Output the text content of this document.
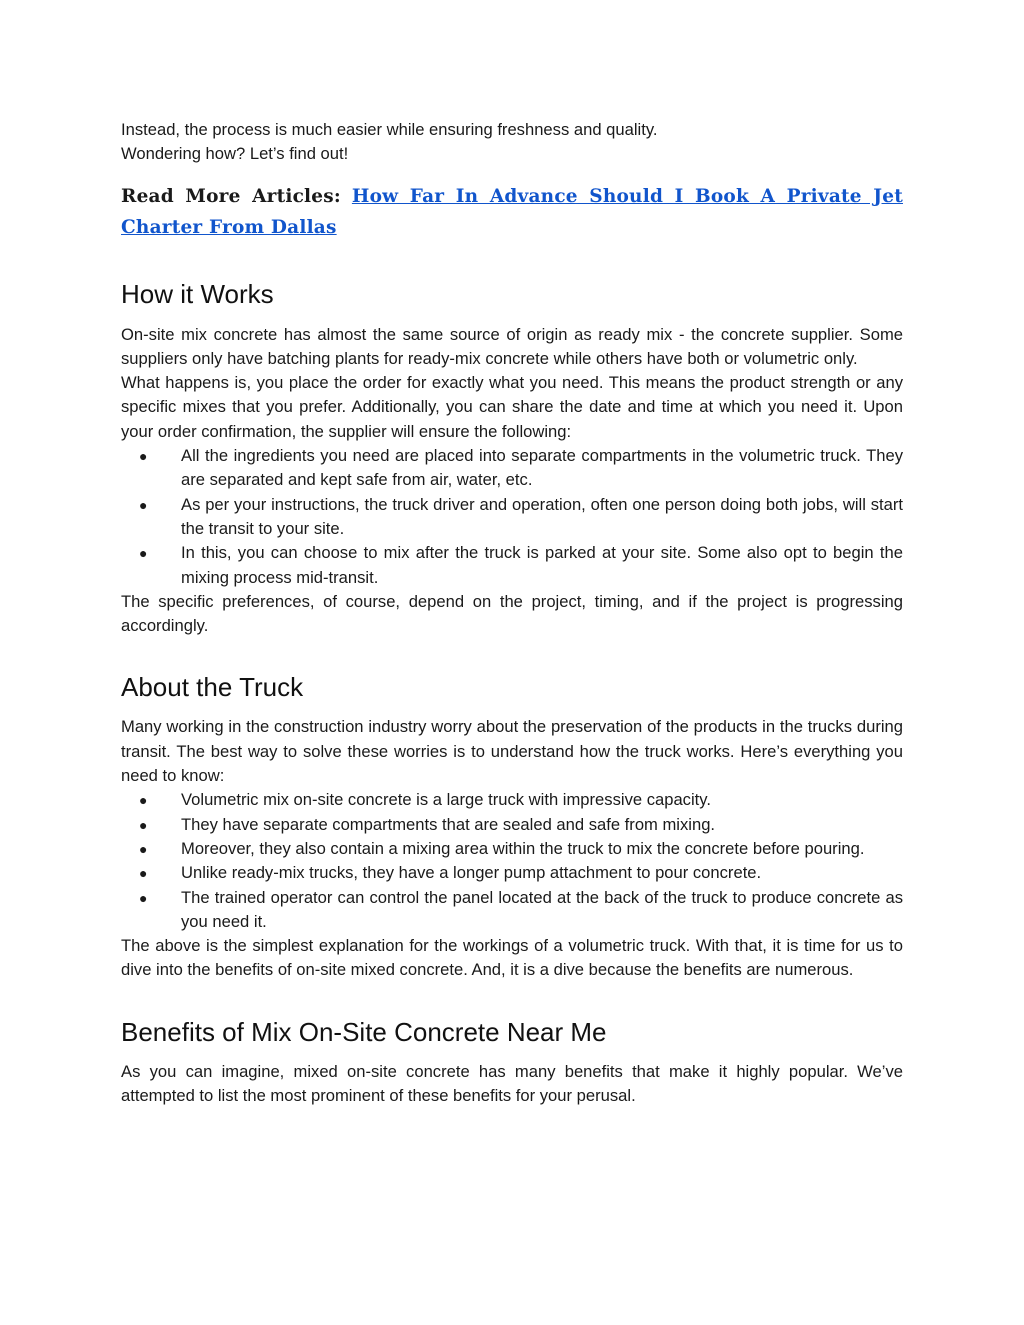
Instead, the process is much easier while ensuring freshness and quality.

Wondering how? Let’s find out!

Read More Articles: How Far In Advance Should I Book A Private Jet Charter From Dallas

How it Works

On-site mix concrete has almost the same source of origin as ready mix - the concrete supplier. Some suppliers only have batching plants for ready-mix concrete while others have both or volumetric only.

What happens is, you place the order for exactly what you need. This means the product strength or any specific mixes that you prefer. Additionally, you can share the date and time at which you need it. Upon your order confirmation, the supplier will ensure the following:

● All the ingredients you need are placed into separate compartments in the volumetric truck. They are separated and kept safe from air, water, etc.
● As per your instructions, the truck driver and operation, often one person doing both jobs, will start the transit to your site.
● In this, you can choose to mix after the truck is parked at your site. Some also opt to begin the mixing process mid-transit.

The specific preferences, of course, depend on the project, timing, and if the project is progressing accordingly.

About the Truck

Many working in the construction industry worry about the preservation of the products in the trucks during transit. The best way to solve these worries is to understand how the truck works. Here’s everything you need to know:

● Volumetric mix on-site concrete is a large truck with impressive capacity.
● They have separate compartments that are sealed and safe from mixing.
● Moreover, they also contain a mixing area within the truck to mix the concrete before pouring.
● Unlike ready-mix trucks, they have a longer pump attachment to pour concrete.
● The trained operator can control the panel located at the back of the truck to produce concrete as you need it.

The above is the simplest explanation for the workings of a volumetric truck. With that, it is time for us to dive into the benefits of on-site mixed concrete. And, it is a dive because the benefits are numerous.

Benefits of Mix On-Site Concrete Near Me

As you can imagine, mixed on-site concrete has many benefits that make it highly popular. We’ve attempted to list the most prominent of these benefits for your perusal.
